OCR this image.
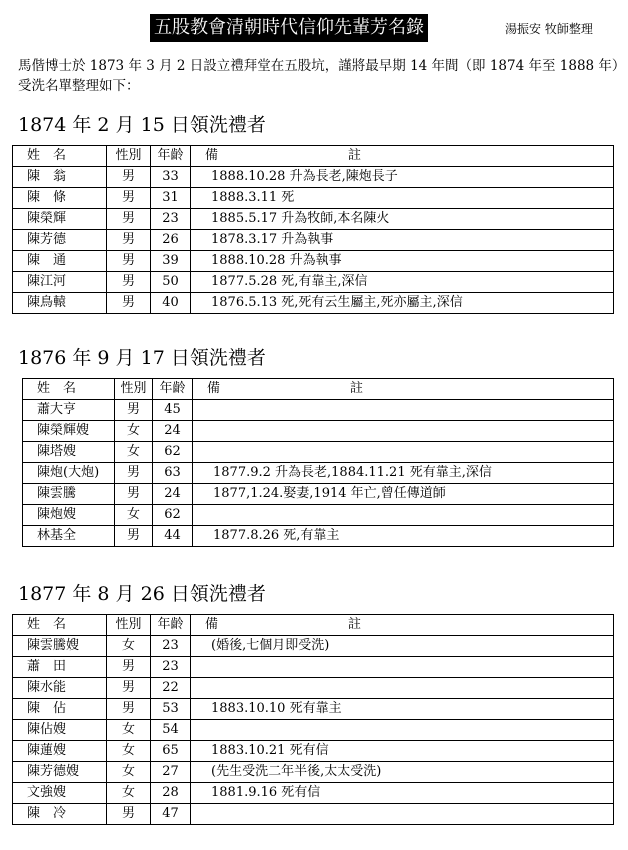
五股教會清朝時代信仰先輩芳名錄	湯振安 牧師整理
馬偕博士於 1873 年 3 月 2 日設立禮拜堂在五股坑，謹將最早期 14 年間（即 1874 年至 1888 年）受洗名單整理如下：
1874 年 2 月 15 日領洗禮者
姓　名	性別	年齡	備 註
陳　翁	男	33	1888.10.28 升為長老,陳炮長子
陳　條	男	31	1888.3.11 死
陳榮輝	男	23	1885.5.17 升為牧師,本名陳火
陳芳德	男	26	1878.3.17 升為執事
陳　通	男	39	1888.10.28 升為執事
陳江河	男	50	1877.5.28 死,有靠主,深信
陳鳥轅	男	40	1876.5.13 死,死有云生屬主,死亦屬主,深信
1876 年 9 月 17 日領洗禮者
姓　名	性別	年齡	備 註
蕭大亨	男	45	
陳榮輝嫂	女	24	
陳塔嫂	女	62	
陳炮(大炮)	男	63	1877.9.2 升為長老,1884.11.21 死有靠主,深信
陳雲騰	男	24	1877,1.24.娶妻,1914 年亡,曾任傳道師
陳炮嫂	女	62	
林基全	男	44	1877.8.26 死,有靠主
1877 年 8 月 26 日領洗禮者
姓　名	性別	年齡	備 註
陳雲騰嫂	女	23	(婚後,七個月即受洗)
蕭　田	男	23	
陳水能	男	22	
陳　佔	男	53	1883.10.10 死有靠主
陳佔嫂	女	54	
陳蓮嫂	女	65	1883.10.21 死有信
陳芳德嫂	女	27	(先生受洗二年半後,太太受洗)
文強嫂	女	28	1881.9.16 死有信
陳　冷	男	47	
